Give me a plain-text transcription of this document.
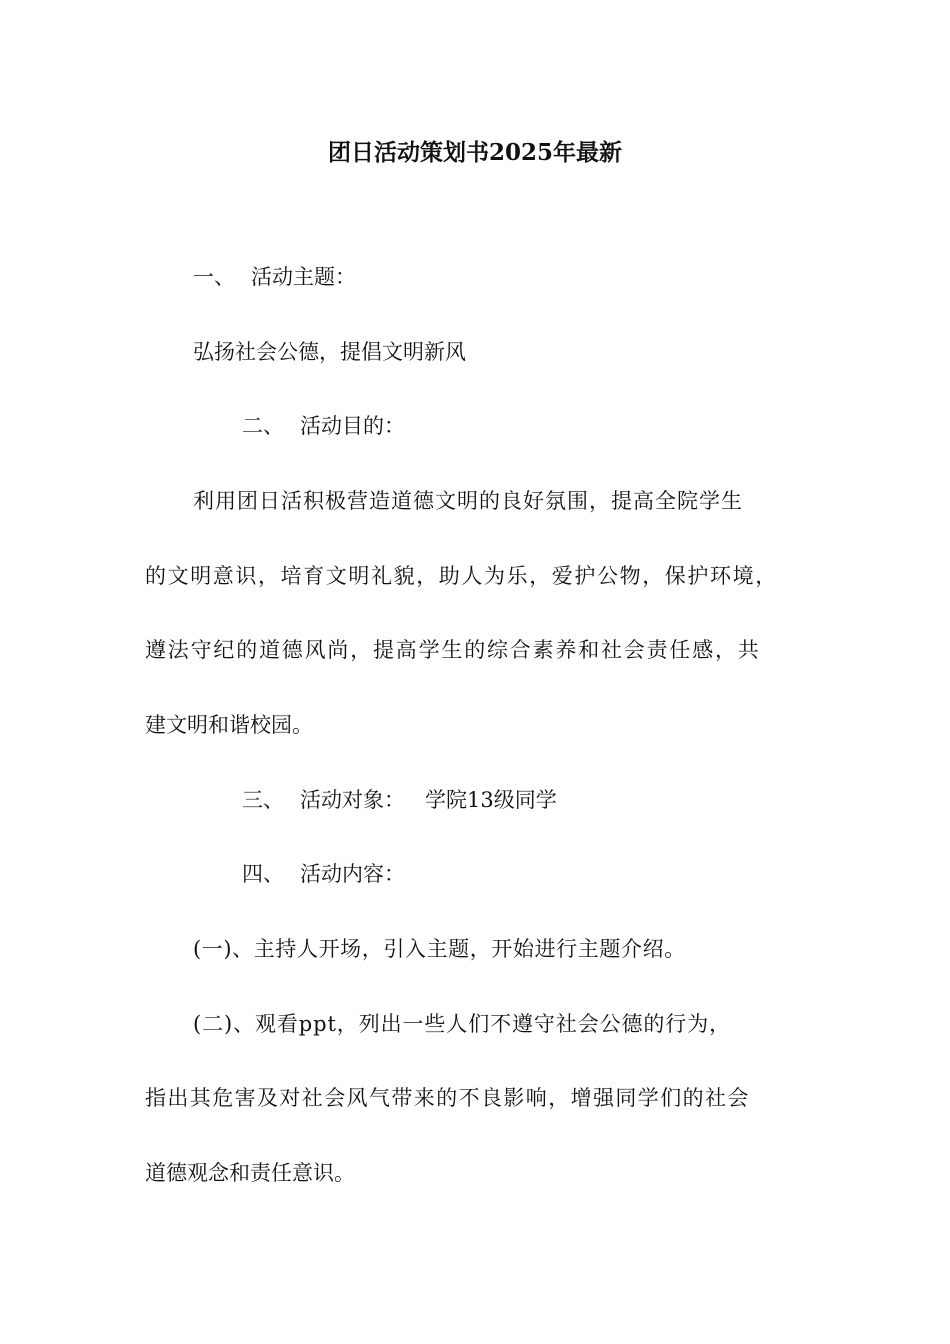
团日活动策划书2025年最新
一、 活动主题：
弘扬社会公德，提倡文明新风
二、 活动目的：
利用团日活积极营造道德文明的良好氛围，提高全院学生
的文明意识，培育文明礼貌，助人为乐，爱护公物，保护环境，
遵法守纪的道德风尚，提高学生的综合素养和社会责任感，共
建文明和谐校园。
三、 活动对象： 学院13级同学
四、 活动内容：
(一)、主持人开场，引入主题，开始进行主题介绍。
(二)、观看ppt，列出一些人们不遵守社会公德的行为，
指出其危害及对社会风气带来的不良影响，增强同学们的社会
道德观念和责任意识。
